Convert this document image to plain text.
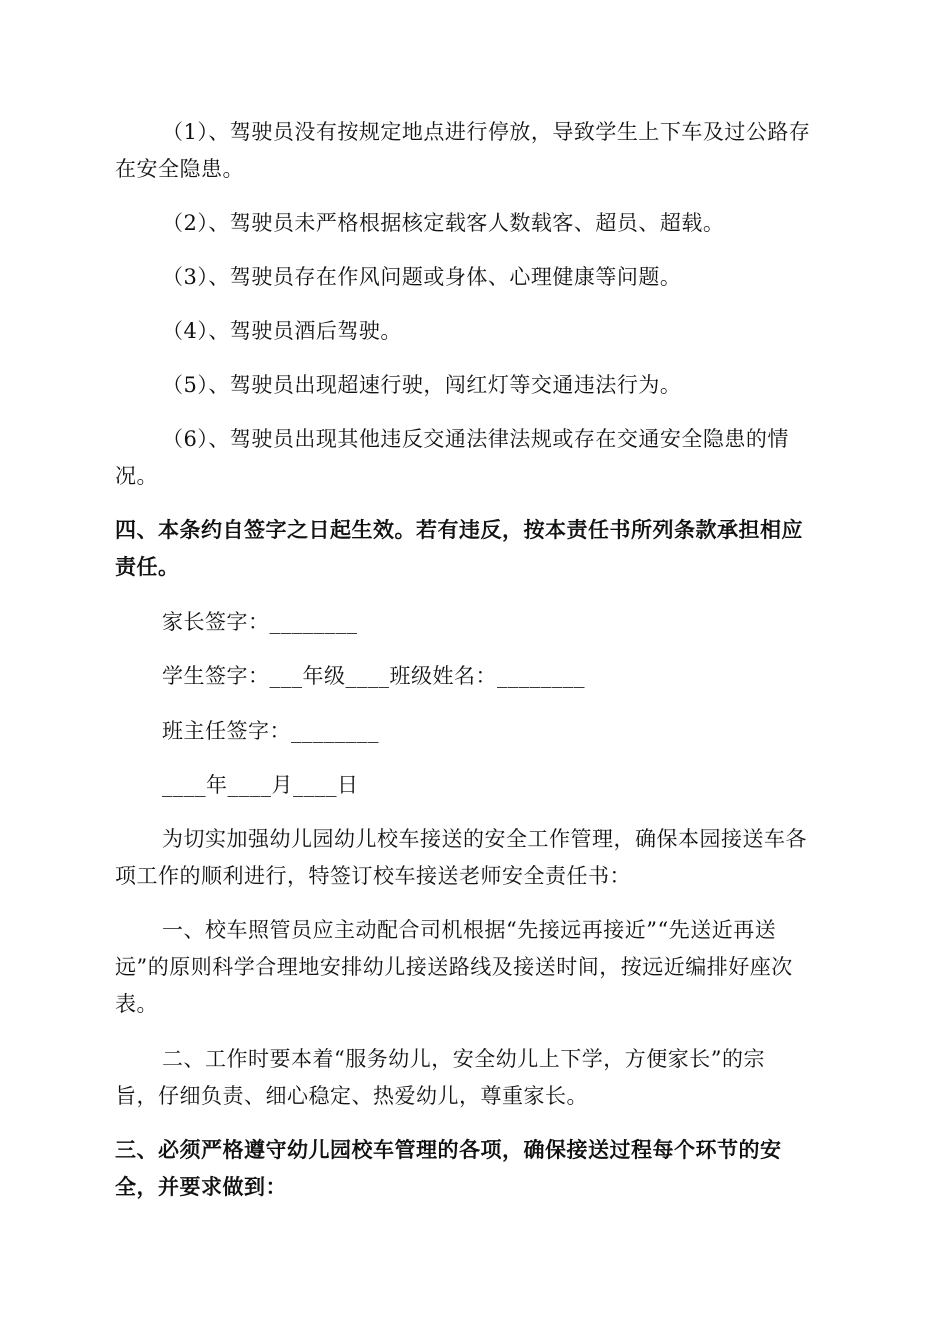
（1）、驾驶员没有按规定地点进行停放，导致学生上下车及过公路存
在安全隐患。
（2）、驾驶员未严格根据核定载客人数载客、超员、超载。
（3）、驾驶员存在作风问题或身体、心理健康等问题。
（4）、驾驶员酒后驾驶。
（5）、驾驶员出现超速行驶，闯红灯等交通违法行为。
（6）、驾驶员出现其他违反交通法律法规或存在交通安全隐患的情
况。
四、本条约自签字之日起生效。若有违反，按本责任书所列条款承担相应
责任。
家长签字：________
学生签字：___年级____班级姓名：________
班主任签字：________
____年____月____日
为切实加强幼儿园幼儿校车接送的安全工作管理，确保本园接送车各
项工作的顺利进行，特签订校车接送老师安全责任书：
一、校车照管员应主动配合司机根据“先接远再接近”“先送近再送
远”的原则科学合理地安排幼儿接送路线及接送时间，按远近编排好座次
表。
二、工作时要本着“服务幼儿，安全幼儿上下学，方便家长”的宗
旨，仔细负责、细心稳定、热爱幼儿，尊重家长。
三、必须严格遵守幼儿园校车管理的各项，确保接送过程每个环节的安
全，并要求做到：
